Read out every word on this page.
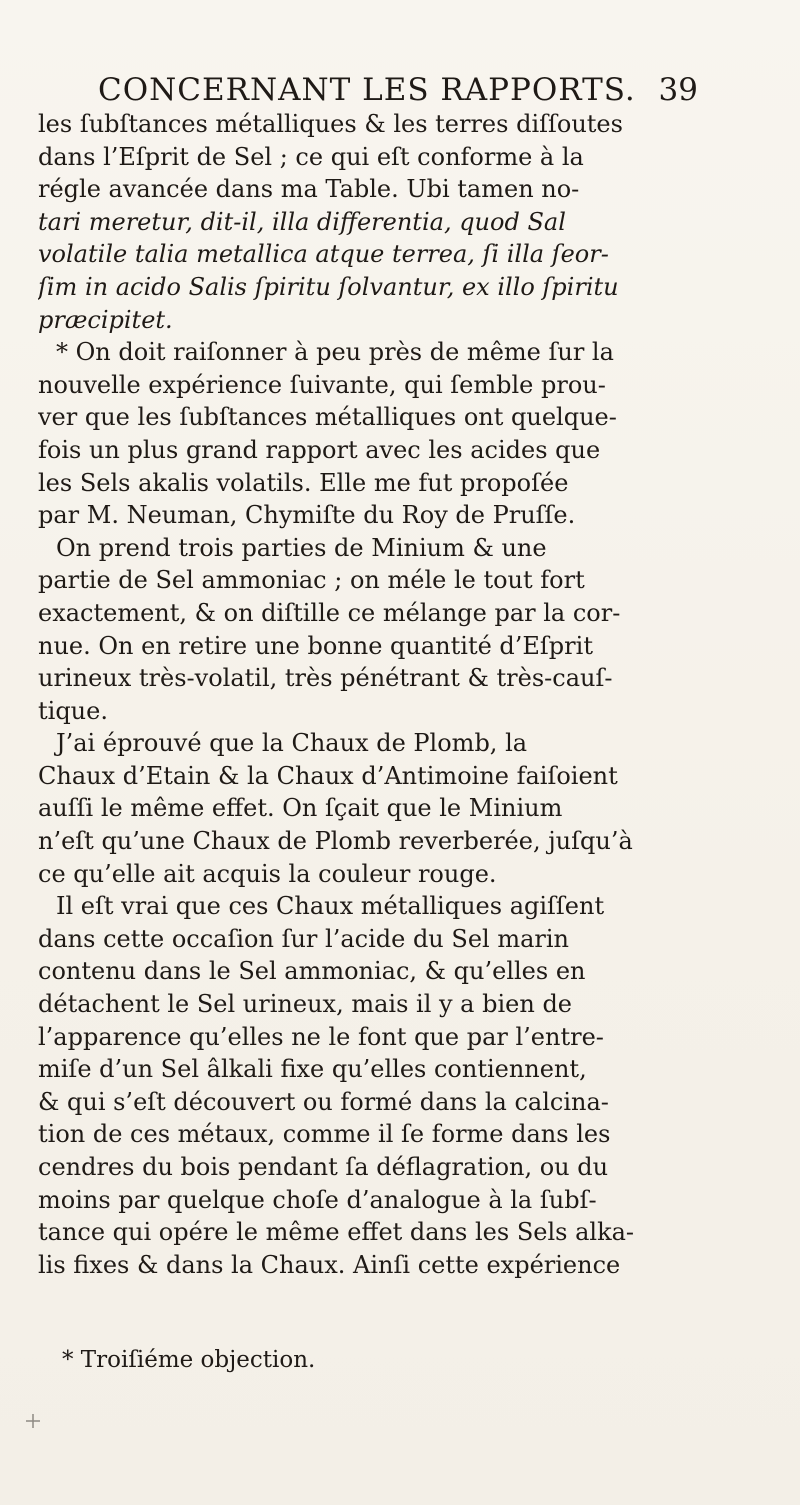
CONCERNANT LES RAPPORTS. 39
les ſubſtances métalliques & les terres diſſoutes
dans l’Eſprit de Sel ; ce qui eſt conforme à la
régle avancée dans ma Table. Ubi tamen no-
tari meretur, dit-il, illa differentia, quod Sal
volatile talia metallica atque terrea, ſi illa ſeor-
ſim in acido Salis ſpiritu ſolvantur, ex illo ſpiritu
præcipitet.
* On doit raiſonner à peu près de même ſur la
nouvelle expérience ſuivante, qui ſemble prou-
ver que les ſubſtances métalliques ont quelque-
fois un plus grand rapport avec les acides que
les Sels akalis volatils. Elle me fut propoſée
par M. Neuman, Chymiſte du Roy de Pruſſe.
On prend trois parties de Minium & une
partie de Sel ammoniac ; on méle le tout fort
exactement, & on diſtille ce mélange par la cor-
nue. On en retire une bonne quantité d’Eſprit
urineux très-volatil, très pénétrant & très-cauſ-
tique.
J’ai éprouvé que la Chaux de Plomb, la
Chaux d’Etain & la Chaux d’Antimoine faiſoient
auſſi le même effet. On ſçait que le Minium
n’eſt qu’une Chaux de Plomb reverberée, juſqu’à
ce qu’elle ait acquis la couleur rouge.
Il eſt vrai que ces Chaux métalliques agiſſent
dans cette occaſion ſur l’acide du Sel marin
contenu dans le Sel ammoniac, & qu’elles en
détachent le Sel urineux, mais il y a bien de
l’apparence qu’elles ne le font que par l’entre-
miſe d’un Sel âlkali fixe qu’elles contiennent,
& qui s’eſt découvert ou formé dans la calcina-
tion de ces métaux, comme il ſe forme dans les
cendres du bois pendant ſa déflagration, ou du
moins par quelque choſe d’analogue à la ſubſ-
tance qui opére le même effet dans les Sels alka-
lis fixes & dans la Chaux. Ainſi cette expérience
* Troiſiéme objection.
